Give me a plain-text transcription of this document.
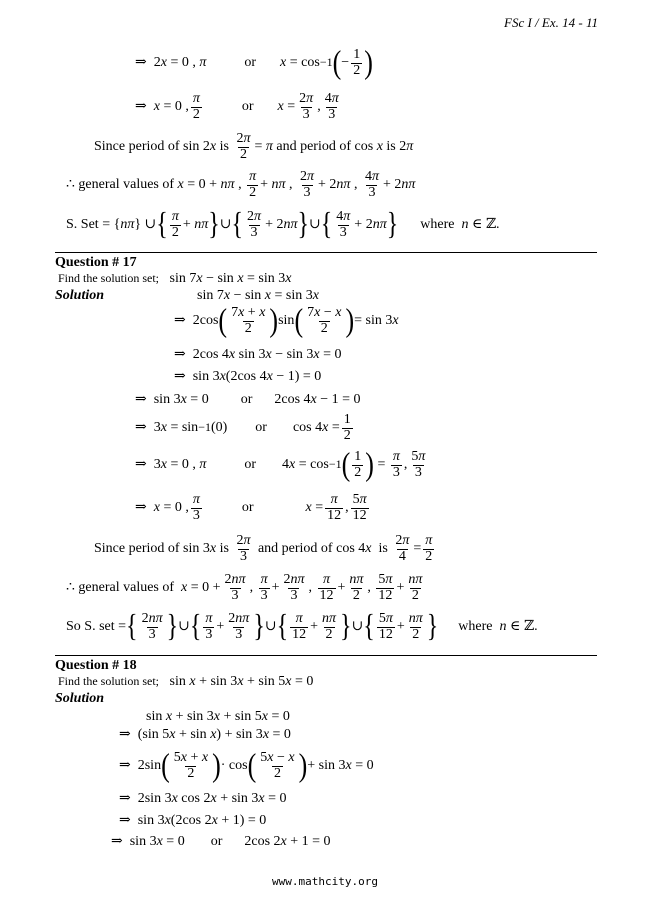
FSc I / Ex. 14 - 11
⇒  2x = 0 , π	or x = cos −1 ( − $\frac{1}{2}$ )
⇒  x = 0 ,
π
2
or $x = \frac{2\pi}{3}$ ,
4π
3
Since period of
sin 2x
is
$\frac{2\pi}{2} = \pi$
and period of
cos x
is
2π
∴ general values of
x = 0 + nπ ,
π
2
+ nπ ,
2π
3
+ 2nπ ,
4π
3
+ 2nπ
S. Set
= {nπ} ∪ { π
2
+ nπ } ∪ { 2π
3
+ 2nπ } ∪ { 4π
3
+ 2nπ } where
n ∈ ℤ.
Question # 17
Find the solution set;
sin 7x − sin x = sin 3x
Solution	sin 7x − sin x = sin 3x
⇒  2cos ( 7x + x
2 ) sin ( 7x − x
2 ) = sin 3x
⇒  2cos 4x sin 3x − sin 3x = 0
⇒  sin 3x(2cos 4x − 1) = 0
⇒  sin 3x = 0 or 2cos 4x − 1 = 0
⇒  3x = sin −1 (0) or $\cos 4x = \frac{1}{2}$
⇒  3x = 0 , π	or 4x = cos −1 ( 1
2 ) = $\frac{\pi}{3}$ ,
5π
3
⇒  x = 0 ,
π
3
or	$x = \frac{\pi}{12}$ ,
5π
12
Since period of
sin 3x
is

2π
3

and period of
cos 4x
is
$\frac{2\pi}{4} = \frac{\pi}{2}$
∴ general values of
$x = 0 + \frac{2n\pi}{3}$ ,
π
3
+ $\frac{2n\pi}{3}$ ,
π
12
+ $\frac{n\pi}{2}$ ,
5π
12
+ $\frac{n\pi}{2}$
So S. set
= { 2nπ
3 } ∪ { π
3
+ $\frac{2n\pi}{3}$ } ∪ { π
12
+ $\frac{n\pi}{2}$ } ∪ { 5π
12
+ $\frac{n\pi}{2}$ } where
n ∈ ℤ.
Question # 18
Find the solution set;
sin x + sin 3x + sin 5x = 0
Solution
sin x + sin 3x + sin 5x = 0
⇒  (sin 5x + sin x) + sin 3x = 0
⇒  2sin ( 5x + x
2 ) · cos ( 5x − x
2 ) + sin 3x = 0
⇒  2sin 3x cos 2x + sin 3x = 0
⇒  sin 3x(2cos 2x + 1) = 0
⇒  sin 3x = 0 or 2cos 2x + 1 = 0
www.mathcity.org
